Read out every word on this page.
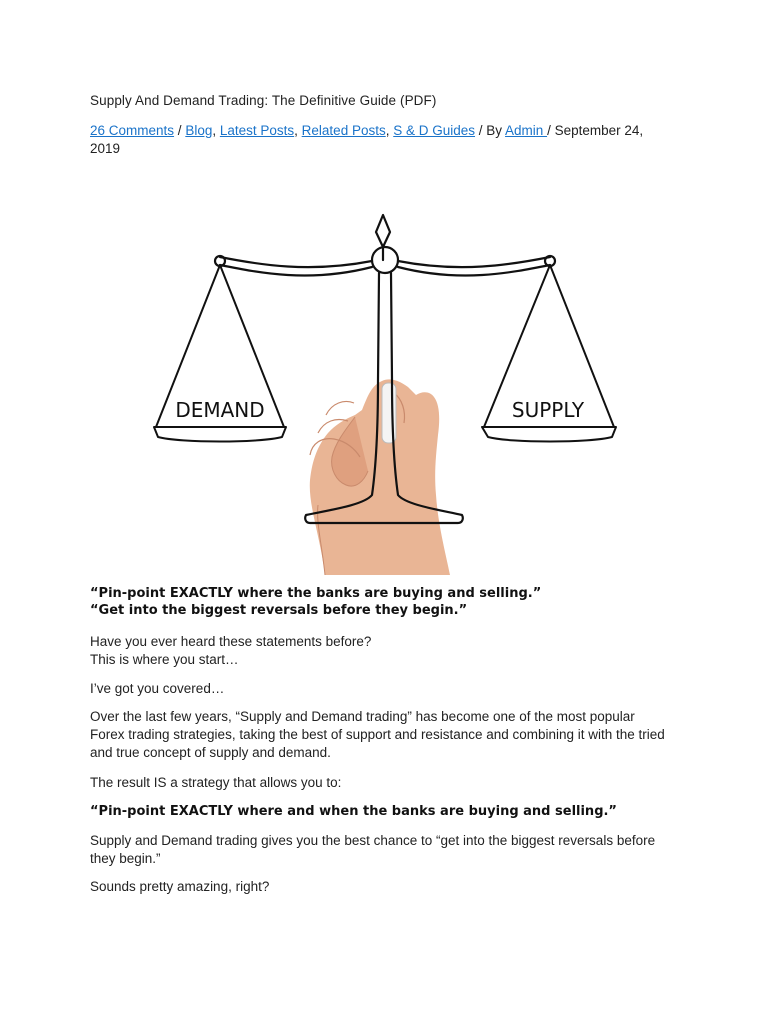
Supply And Demand Trading: The Definitive Guide (PDF)
26 Comments / Blog, Latest Posts, Related Posts, S & D Guides / By Admin / September 24, 2019
DEMAND	SUPPLY
“Pin-point EXACTLY where the banks are buying and selling.”
“Get into the biggest reversals before they begin.”
Have you ever heard these statements before?
This is where you start…
I’ve got you covered…
Over the last few years, “Supply and Demand trading” has become one of the most popular Forex trading strategies, taking the best of support and resistance and combining it with the tried and true concept of supply and demand.
The result IS a strategy that allows you to:
“Pin-point EXACTLY where and when the banks are buying and selling.”
Supply and Demand trading gives you the best chance to “get into the biggest reversals before they begin.”
Sounds pretty amazing, right?
